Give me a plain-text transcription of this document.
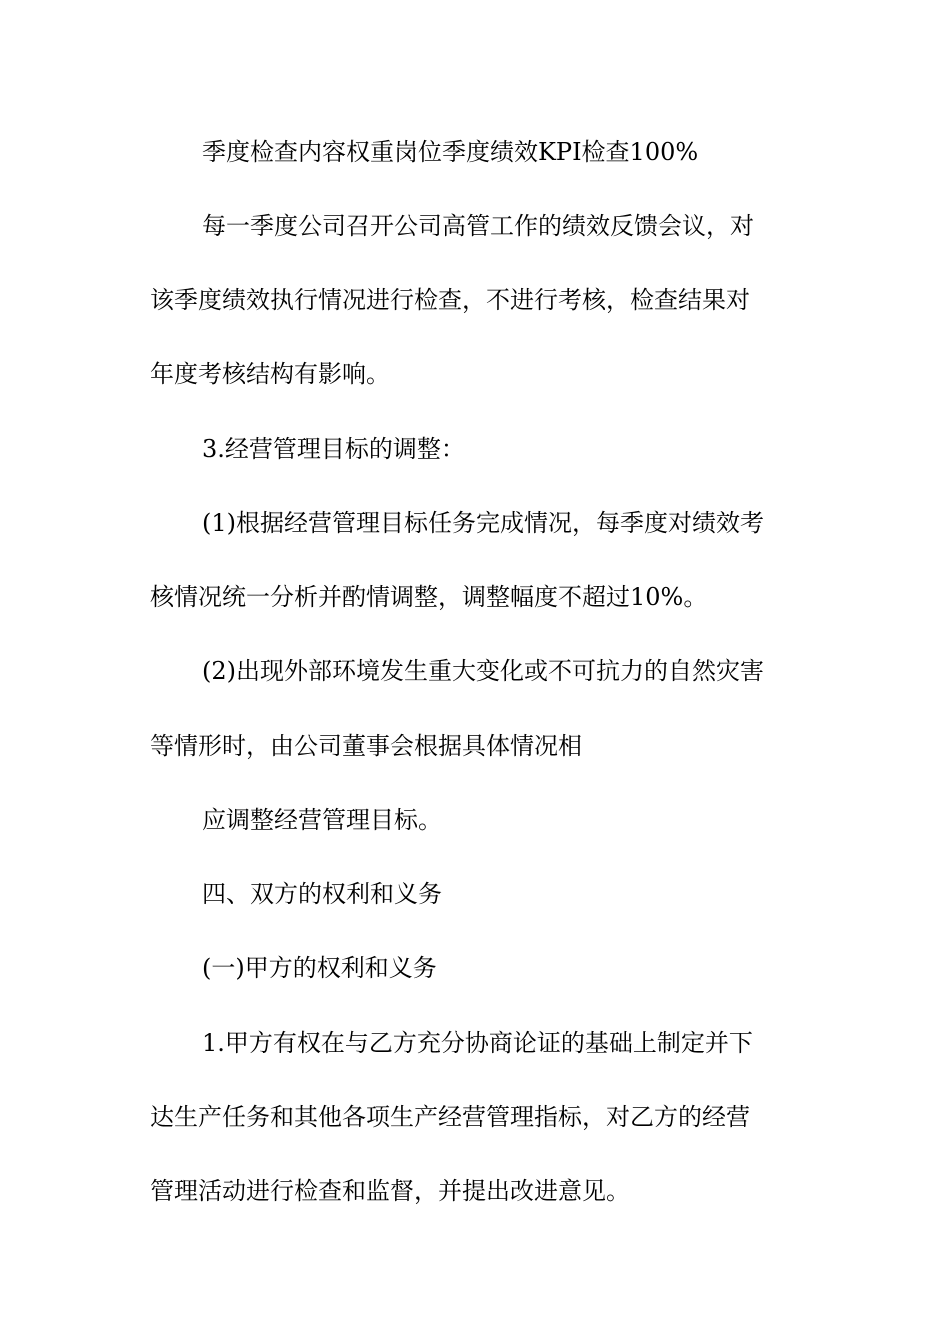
季度检查内容权重岗位季度绩效KPI检查100%
每一季度公司召开公司高管工作的绩效反馈会议，对
该季度绩效执行情况进行检查，不进行考核，检查结果对
年度考核结构有影响。
3.经营管理目标的调整：
(1)根据经营管理目标任务完成情况，每季度对绩效考
核情况统一分析并酌情调整，调整幅度不超过10%。
(2)出现外部环境发生重大变化或不可抗力的自然灾害
等情形时，由公司董事会根据具体情况相
应调整经营管理目标。
四、双方的权利和义务
(一)甲方的权利和义务
1.甲方有权在与乙方充分协商论证的基础上制定并下
达生产任务和其他各项生产经营管理指标，对乙方的经营
管理活动进行检查和监督，并提出改进意见。
